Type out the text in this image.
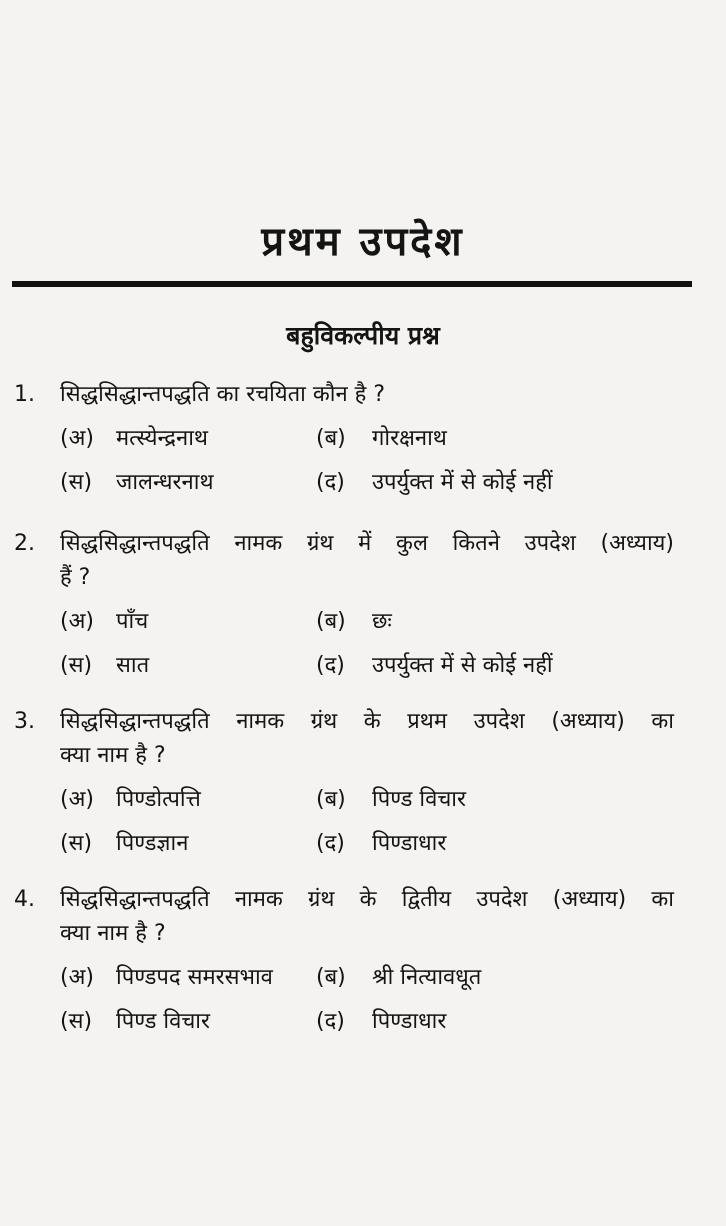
प्रथम उपदेश
बहुविकल्पीय प्रश्न
1.	सिद्धसिद्धान्तपद्धति का रचयिता कौन है ?
(अ)	मत्स्येन्द्रनाथ	(ब)	गोरक्षनाथ
(स)	जालन्धरनाथ	(द)	उपर्युक्त में से कोई नहीं
2.	सिद्धसिद्धान्तपद्धति नामक ग्रंथ में कुल कितने उपदेश (अध्याय)
हैं ?
(अ)	पाँच	(ब)	छः
(स)	सात	(द)	उपर्युक्त में से कोई नहीं
3.	सिद्धसिद्धान्तपद्धति नामक ग्रंथ के प्रथम उपदेश (अध्याय) का
क्या नाम है ?
(अ)	पिण्डोत्पत्ति	(ब)	पिण्ड विचार
(स)	पिण्डज्ञान	(द)	पिण्डाधार
4.	सिद्धसिद्धान्तपद्धति नामक ग्रंथ के द्वितीय उपदेश (अध्याय) का
क्या नाम है ?
(अ)	पिण्डपद समरसभाव (ब)	श्री नित्यावधूत
(स)	पिण्ड विचार	(द)	पिण्डाधार
